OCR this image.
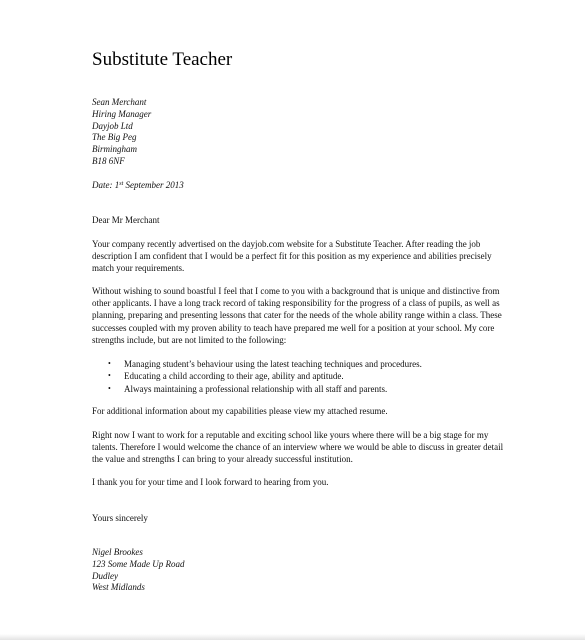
Substitute Teacher
Sean Merchant
Hiring Manager
Dayjob Ltd
The Big Peg
Birmingham
B18 6NF
Date: 1st September 2013

Dear Mr Merchant

Your company recently advertised on the dayjob.com website for a Substitute Teacher. After reading the job description I am confident that I would be a perfect fit for this position as my experience and abilities precisely match your requirements.

Without wishing to sound boastful I feel that I come to you with a background that is unique and distinctive from other applicants. I have a long track record of taking responsibility for the progress of a class of pupils, as well as planning, preparing and presenting lessons that cater for the needs of the whole ability range within a class. These successes coupled with my proven ability to teach have prepared me well for a position at your school. My core strengths include, but are not limited to the following:

• Managing student’s behaviour using the latest teaching techniques and procedures.
• Educating a child according to their age, ability and aptitude.
• Always maintaining a professional relationship with all staff and parents.

For additional information about my capabilities please view my attached resume.

Right now I want to work for a reputable and exciting school like yours where there will be a big stage for my talents. Therefore I would welcome the chance of an interview where we would be able to discuss in greater detail the value and strengths I can bring to your already successful institution.

I thank you for your time and I look forward to hearing from you.

Yours sincerely

Nigel Brookes
123 Some Made Up Road
Dudley
West Midlands
